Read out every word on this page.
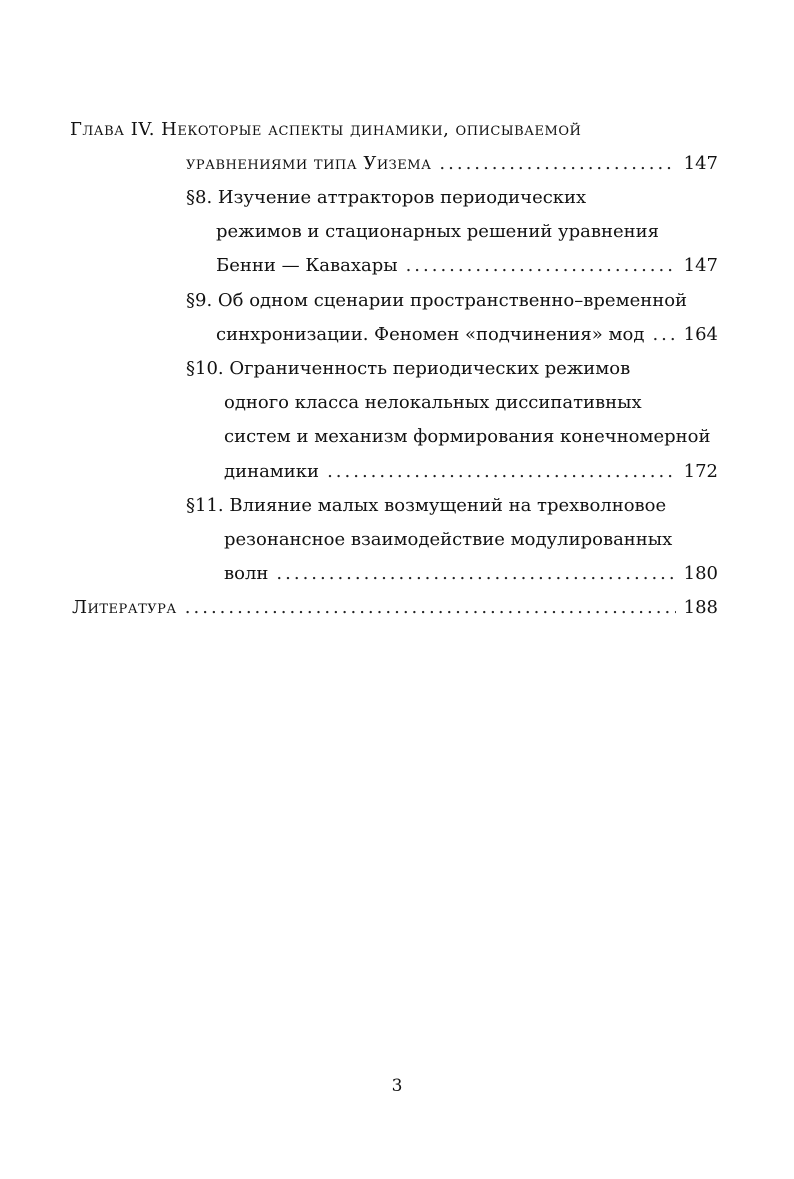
Глава IV. Некоторые аспекты динамики, описываемой
уравнениями типа Уизема .....	147
§8. Изучение аттракторов периодических
режимов и стационарных решений уравнения
Бенни — Кавахары .....	147
§9. Об одном сценарии пространственно–временной
синхронизации. Феномен «подчинения» мод ..... 164
§10. Ограниченность периодических режимов
одного класса нелокальных диссипативных
систем и механизм формирования конечномерной
динамики .....	172
§11. Влияние малых возмущений на трехволновое
резонансное взаимодействие модулированных
волн .....	180
Литература .....	188
3
